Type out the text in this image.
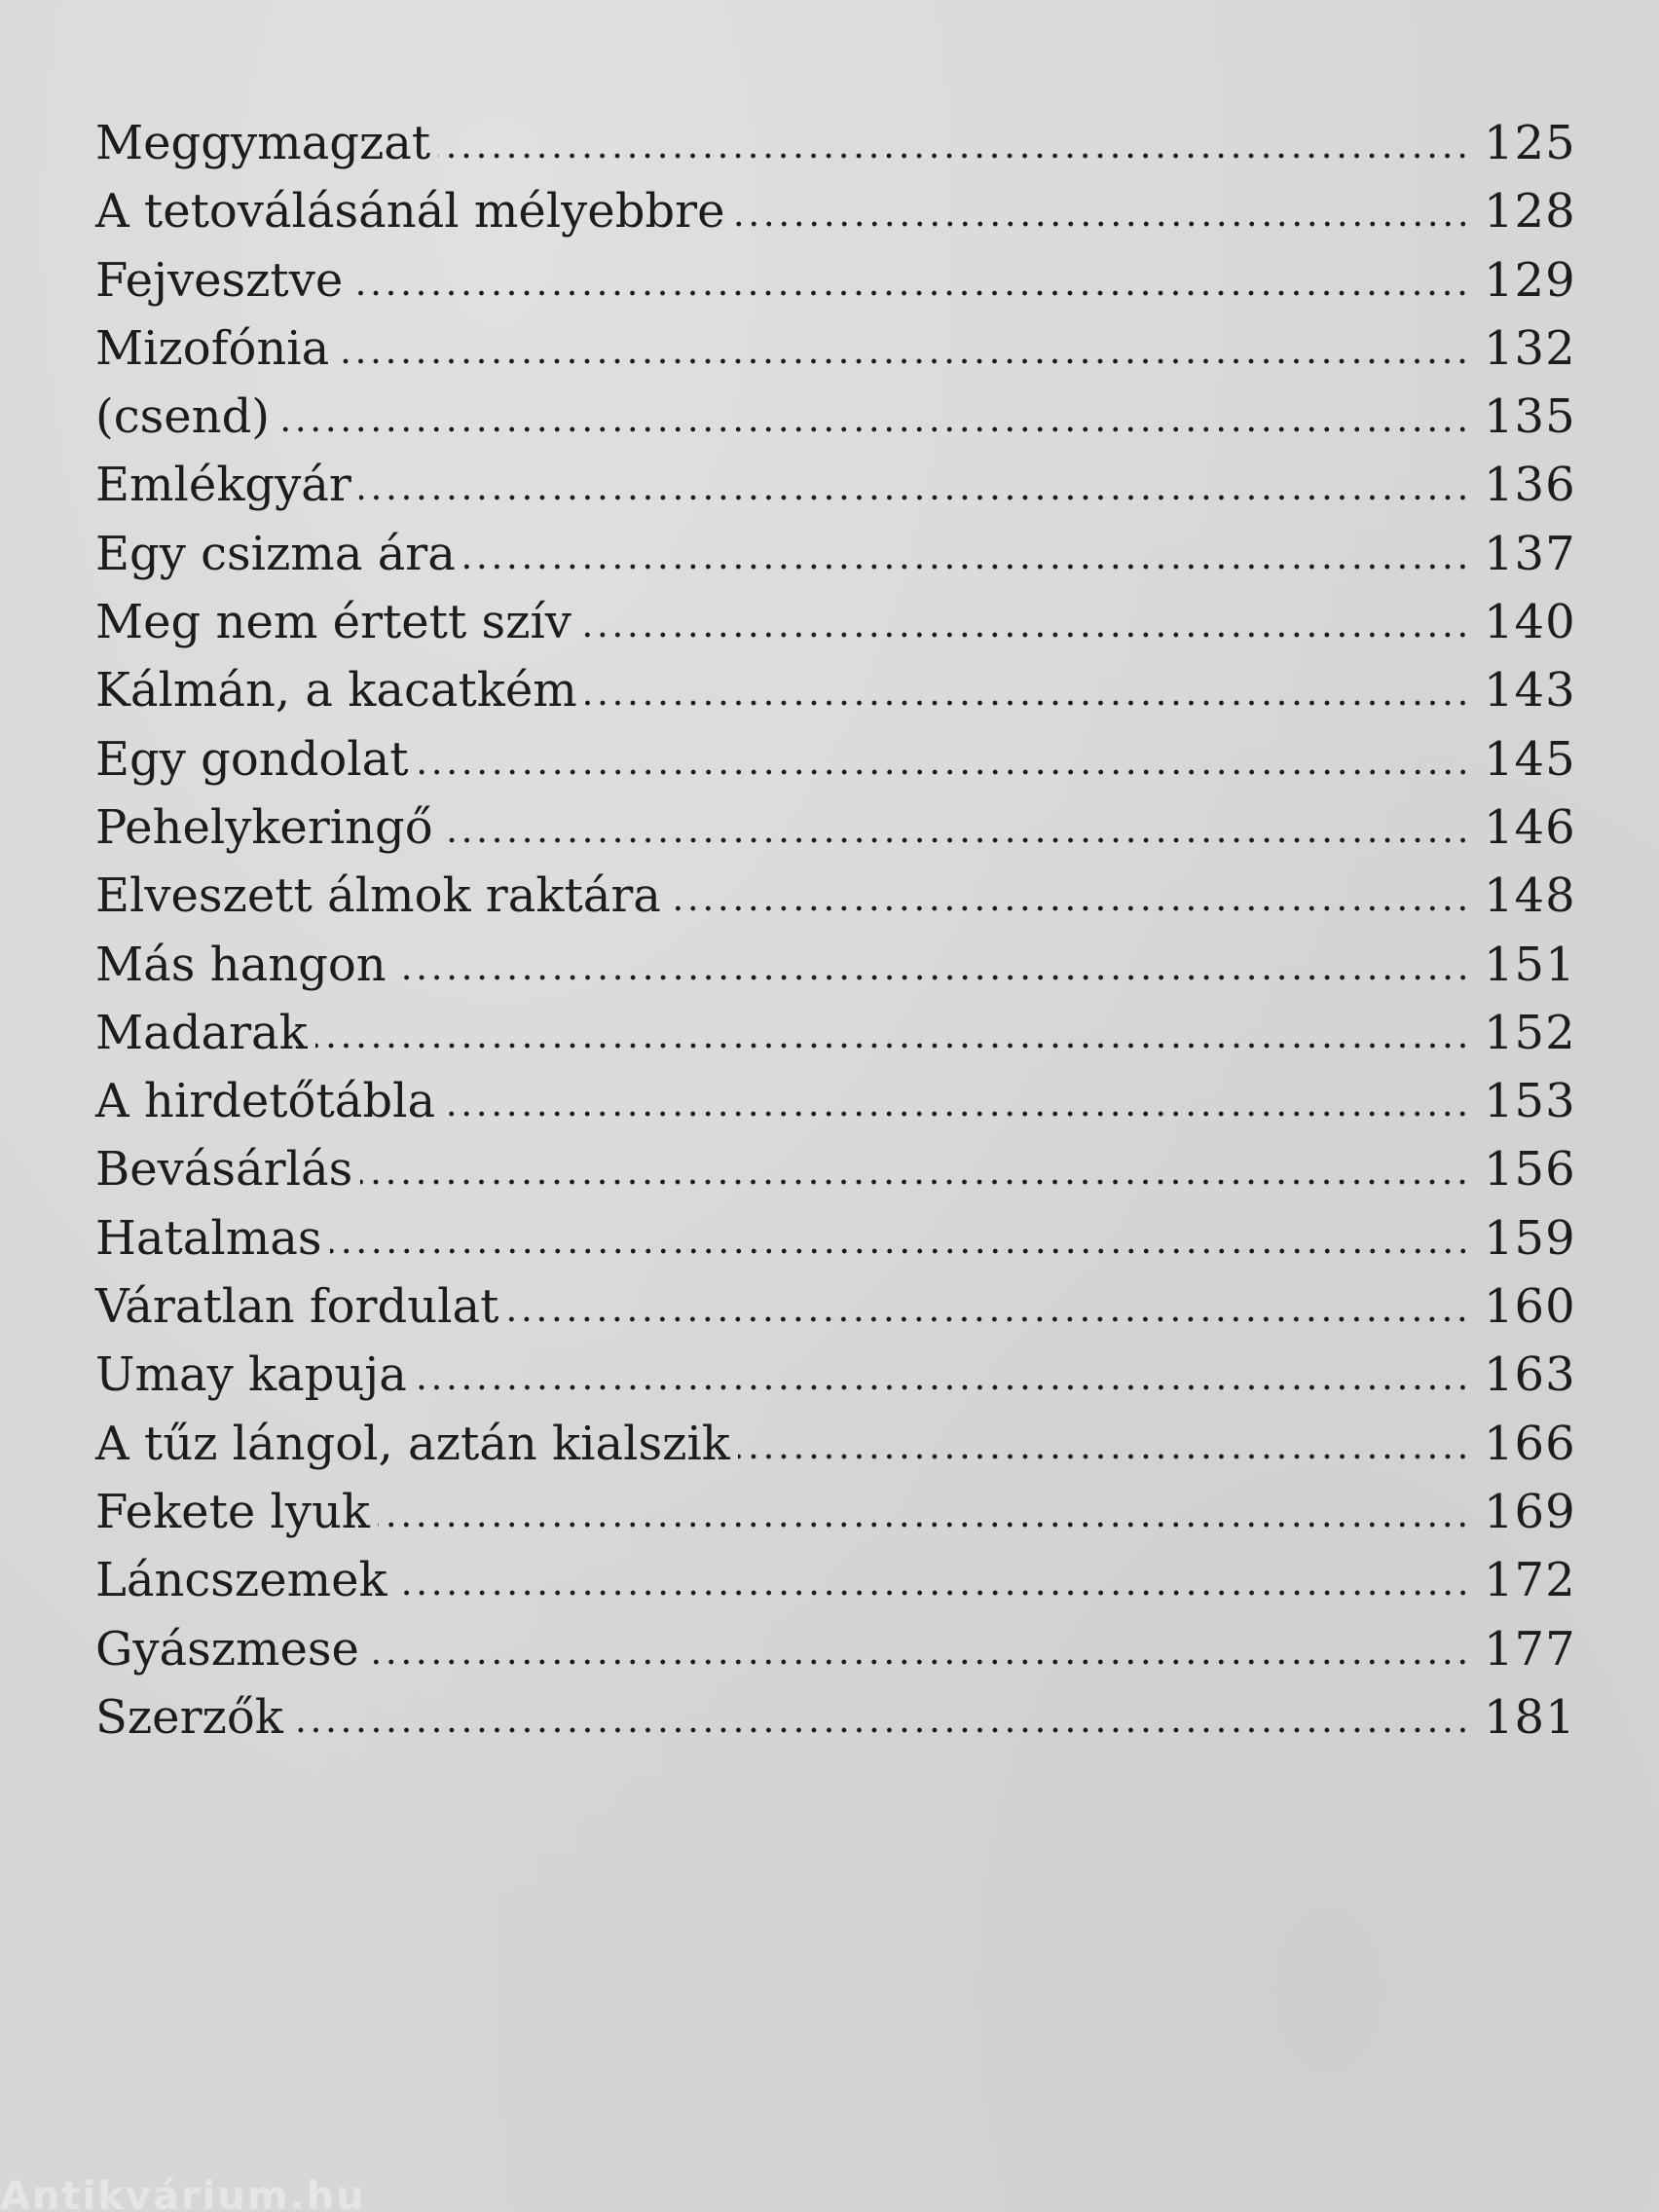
Meggymagzat	125
A tetoválásánál mélyebbre	128
Fejvesztve	129
Mizofónia	132
(csend)	135
Emlékgyár	136
Egy csizma ára	137
Meg nem értett szív	140
Kálmán, a kacatkém	143
Egy gondolat	145
Pehelykeringő	146
Elveszett álmok raktára	148
Más hangon	151
Madarak	152
A hirdetőtábla	153
Bevásárlás	156
Hatalmas	159
Váratlan fordulat	160
Umay kapuja	163
A tűz lángol, aztán kialszik	166
Fekete lyuk	169
Láncszemek	172
Gyászmese	177
Szerzők	181
Antikvárium.hu
